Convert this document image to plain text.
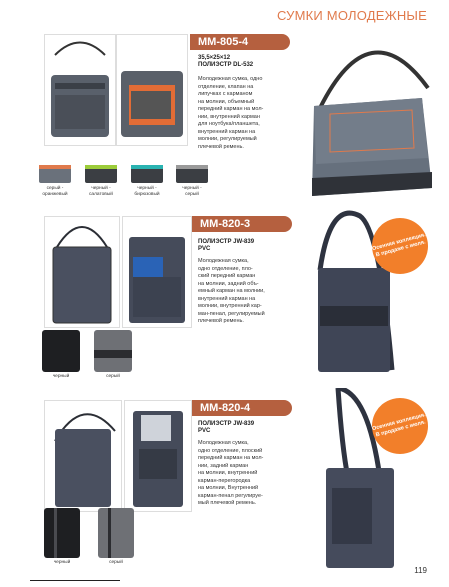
СУМКИ МОЛОДЕЖНЫЕ
MM-805-4
35,5×25×12
ПОЛИЭСТР DL-532
Молодежная сумка, одно
отделение, клапан на
липучках с карманом
на молнии, объемный
передний карман на мол-
нии, внутренний карман
для ноутбука/планшета,
внутренний карман на
молнии, регулируемый
плечевой ремень.
серый -
оранжевый
черный -
салатовый
черный -
бирюзовый
черный -
серый
MM-820-3
ПОЛИЭСТР JW-839
PVC
Молодежная сумка,
одно отделение, пло-
ский передний карман
на молнии, задний объ-
емный карман на молнии,
внутренний карман на
молнии, внутренний кар-
ман-пенал, регулируемый
плечевой ремень.
Осенняя коллекция. В продаже с июля.
черный	серый
MM-820-4
ПОЛИЭСТР JW-839
PVC
Молодежная сумка,
одно отделение, плоский
передний карман на мол-
нии, задний карман
на молнии, внутренний
карман-перегородка
на молнии, Внутренний
карман-пенал регулируе-
мый плечевой ремень.
Осенняя коллекция. В продаже с июля.
черный	серый
119
